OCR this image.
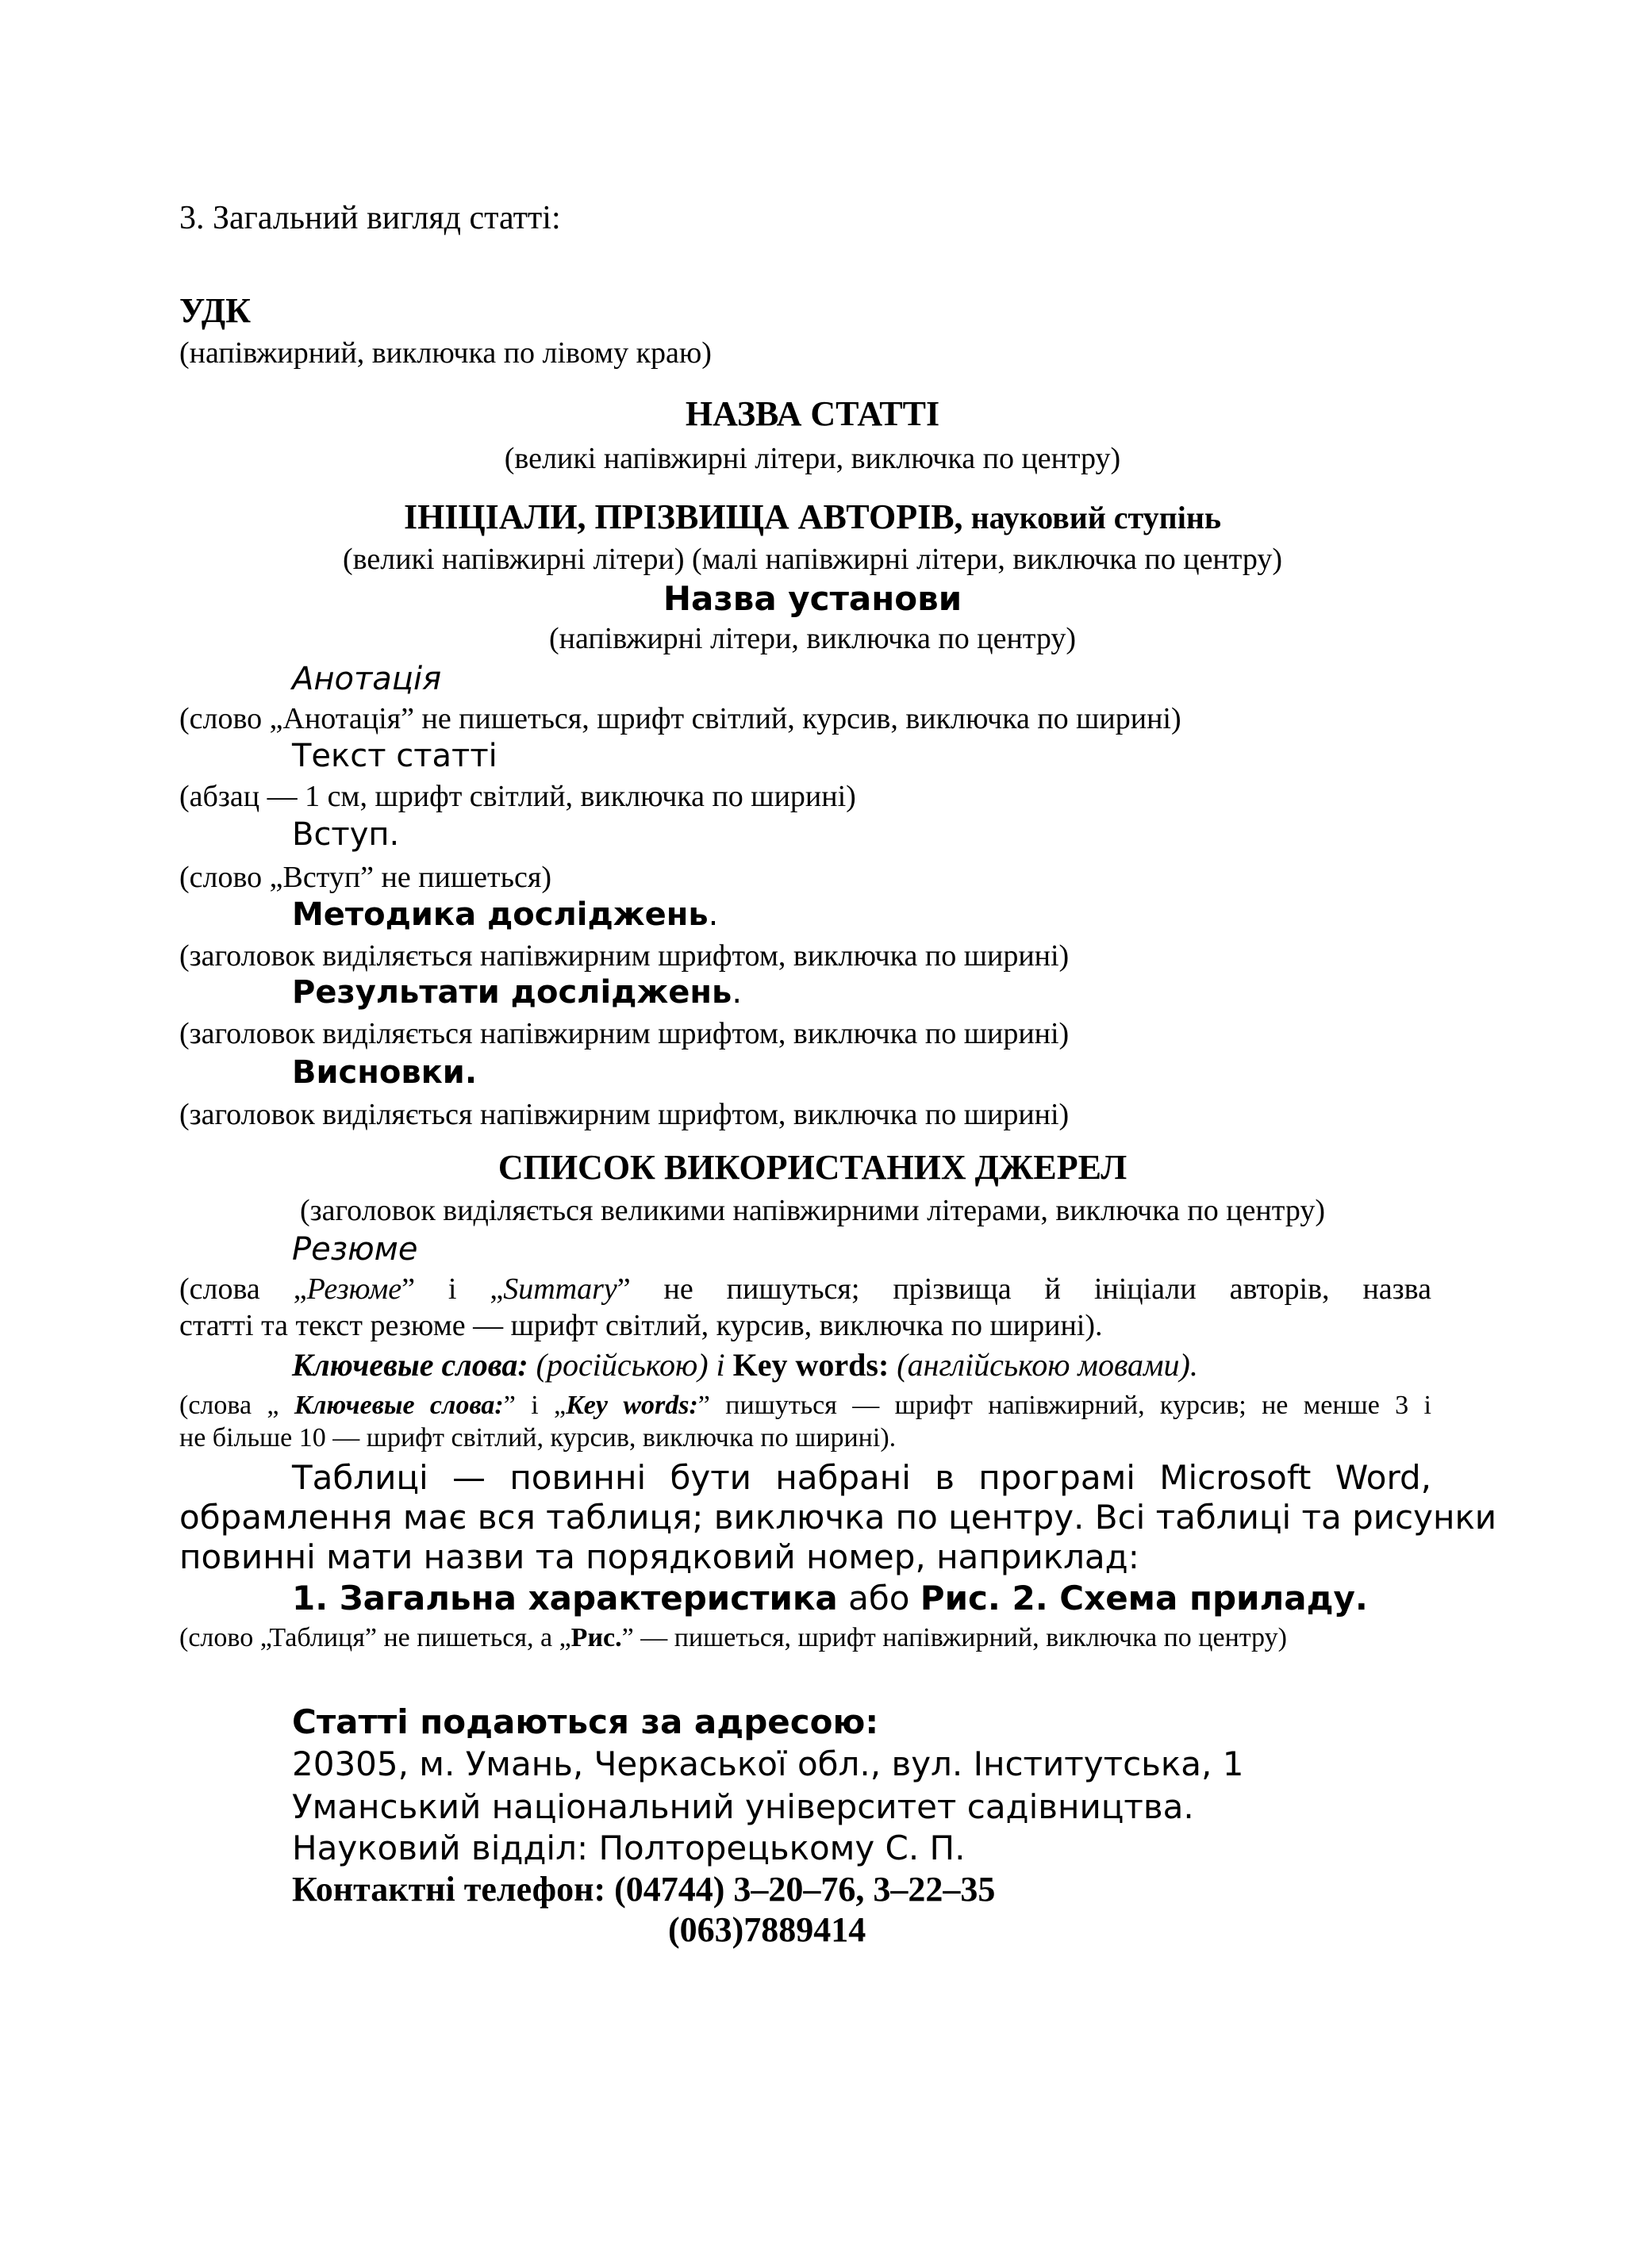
3. Загальний вигляд статті:
УДК
(напівжирний, виключка по лівому краю)
НАЗВА СТАТТІ
(великі напівжирні літери, виключка по центру)
ІНІЦІАЛИ, ПРІЗВИЩА АВТОРІВ, науковий ступінь
(великі напівжирні літери) (малі напівжирні літери, виключка по центру)
Назва установи
(напівжирні літери, виключка по центру)
Анотація
(слово „Анотація” не пишеться, шрифт світлий, курсив, виключка по ширині)
Текст статті
(абзац — 1 см, шрифт світлий, виключка по ширині)
Вступ.
(слово „Вступ” не пишеться)
Методика досліджень.
(заголовок виділяється напівжирним шрифтом, виключка по ширині)
Результати досліджень.
(заголовок виділяється напівжирним шрифтом, виключка по ширині)
Висновки.
(заголовок виділяється напівжирним шрифтом, виключка по ширині)
СПИСОК ВИКОРИСТАНИХ ДЖЕРЕЛ
(заголовок виділяється великими напівжирними літерами, виключка по центру)
Резюме
(слова „Резюме” і „Summary” не пишуться; прізвища й ініціали авторів, назва
статті та текст резюме — шрифт світлий, курсив, виключка по ширині).
Ключевые слова: (російською) і Key words: (англійською мовами).
(слова „ Ключевые слова:” і „Key words:” пишуться — шрифт напівжирний, курсив; не менше 3 і
не більше 10 — шрифт світлий, курсив, виключка по ширині).
Таблиці — повинні бути набрані в програмі Microsoft Word,
обрамлення має вся таблиця; виключка по центру. Всі таблиці та рисунки
повинні мати назви та порядковий номер, наприклад:
1. Загальна характеристика або Рис. 2. Схема приладу.
(слово „Таблиця” не пишеться, а „Рис.” — пишеться, шрифт напівжирний, виключка по центру)
Статті подаються за адресою:
20305, м. Умань, Черкаської обл., вул. Інститутська, 1
Уманський національний університет садівництва.
Науковий відділ: Полторецькому С. П.
Контактні телефон: (04744) 3–20–76, 3–22–35
(063)7889414
